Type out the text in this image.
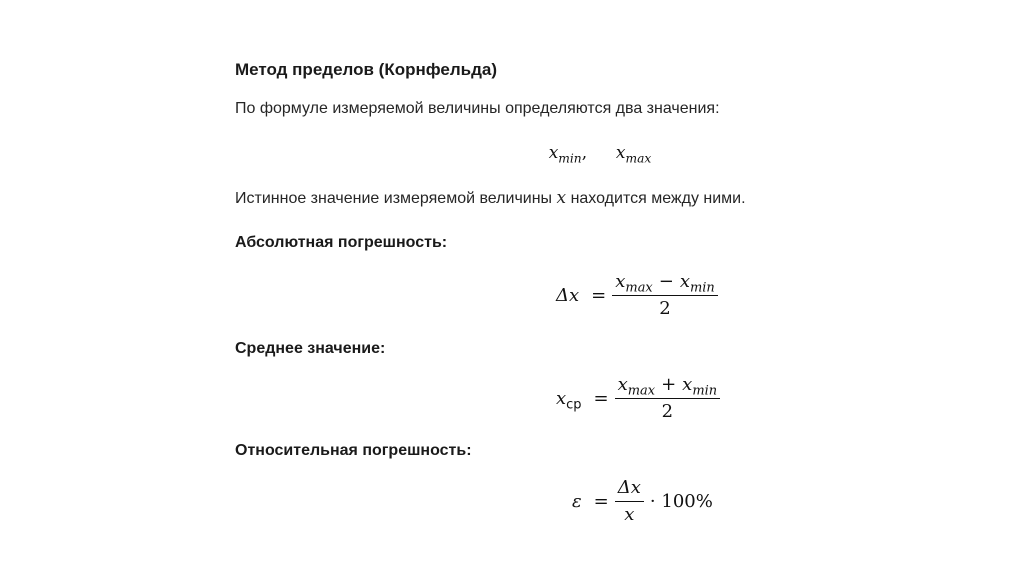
Метод пределов (Корнфельда)
По формуле измеряемой величины определяются два значения:
$x_{min}$, $x_{max}$
Истинное значение измеряемой величины x находится между ними.
Абсолютная погрешность:
$\Delta x = \frac{x_{max} - x_{min}}{2}$
Среднее значение:
$x_{ср} = \frac{x_{max} + x_{min}}{2}$
Относительная погрешность:
$\varepsilon = \frac{\Delta x}{x} \cdot 100\%$
